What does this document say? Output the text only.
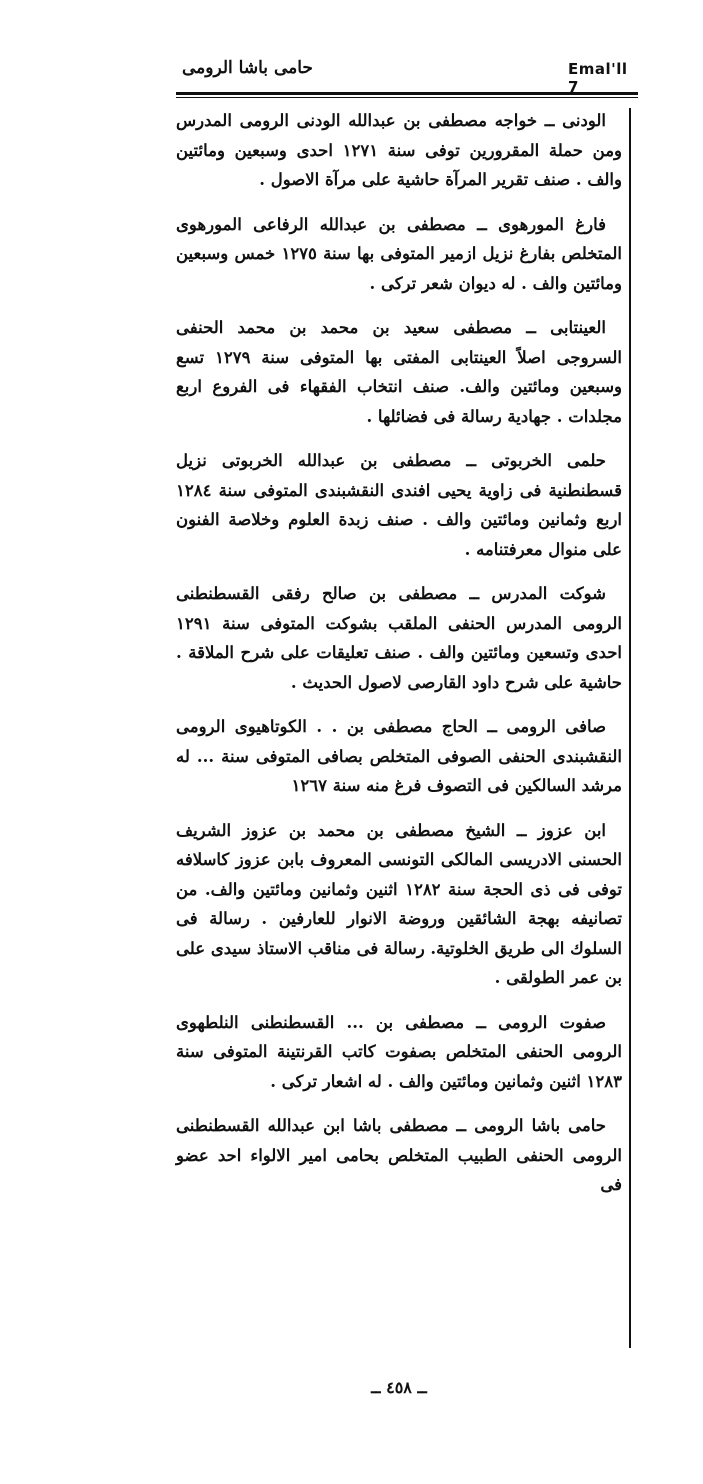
حامى باشا الرومى	Emal'll 7

الودنى ــ خواجه مصطفى بن عبدالله الودنى الرومى المدرس ومن حملة المقرورين توفى سنة ١٢٧١ احدى وسبعين ومائتين والف . صنف تقرير المرآة حاشية على مرآة الاصول .

فارغ المورهوى ــ مصطفى بن عبدالله الرفاعى المورهوى المتخلص بفارغ نزيل ازمير المتوفى بها سنة ١٢٧٥ خمس وسبعين ومائتين والف . له ديوان شعر تركى .

العينتابى ــ مصطفى سعيد بن محمد بن محمد الحنفى السروجى اصلاً العينتابى المفتى بها المتوفى سنة ١٢٧٩ تسع وسبعين ومائتين والف. صنف انتخاب الفقهاء فى الفروع اربع مجلدات . جهادية رسالة فى فضائلها .

حلمى الخربوتى ــ مصطفى بن عبدالله الخربوتى نزيل قسطنطنية فى زاوية يحيى افندى النقشبندى المتوفى سنة ١٢٨٤ اربع وثمانين ومائتين والف . صنف زبدة العلوم وخلاصة الفنون على منوال معرفتنامه .

شوكت المدرس ــ مصطفى بن صالح رفقى القسطنطنى الرومى المدرس الحنفى الملقب بشوكت المتوفى سنة ١٢٩١ احدى وتسعين ومائتين والف . صنف تعليقات على شرح الملاقة . حاشية على شرح داود القارصى لاصول الحديث .

صافى الرومى ــ الحاج مصطفى بن . . الكوتاهيوى الرومى النقشبندى الحنفى الصوفى المتخلص بصافى المتوفى سنة ... له مرشد السالكين فى التصوف فرغ منه سنة ١٢٦٧

ابن عزوز ــ الشيخ مصطفى بن محمد بن عزوز الشريف الحسنى الادريسى المالكى التونسى المعروف بابن عزوز كاسلافه توفى فى ذى الحجة سنة ١٢٨٢ اثنين وثمانين ومائتين والف. من تصانيفه بهجة الشائقين وروضة الانوار للعارفين . رسالة فى السلوك الى طريق الخلوتية. رسالة فى مناقب الاستاذ سيدى على بن عمر الطولقى .

صفوت الرومى ــ مصطفى بن ... القسطنطنى النلطهوى الرومى الحنفى المتخلص بصفوت كاتب القرنتينة المتوفى سنة ١٢٨٣ اثنين وثمانين ومائتين والف . له اشعار تركى .

حامى باشا الرومى ــ مصطفى باشا ابن عبدالله القسطنطنى الرومى الحنفى الطبيب المتخلص بحامى امير الالواء احد عضو فى

ــ ٤٥٨ ــ
